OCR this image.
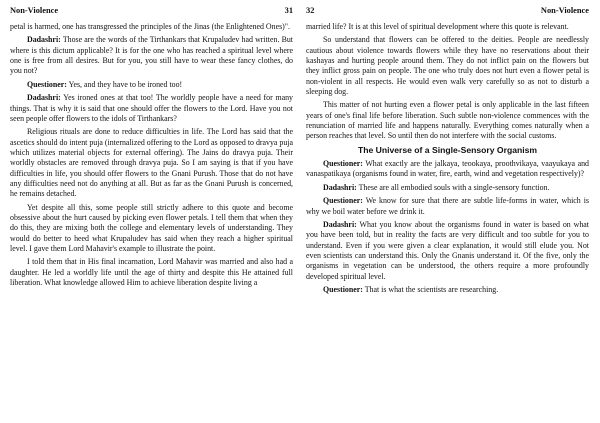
Non-Violence	31

petal is harmed, one has transgressed the principles of the Jinas (the Enlightened Ones)".

Dadashri: Those are the words of the Tirthankars that Krupaludev had written. But where is this dictum applicable? It is for the one who has reached a spiritual level where one is free from all desires. But for you, you still have to wear these fancy clothes, do you not?

Questioner: Yes, and they have to be ironed too!

Dadashri: Yes ironed ones at that too! The worldly people have a need for many things. That is why it is said that one should offer the flowers to the Lord. Have you not seen people offer flowers to the idols of Tirthankars?

Religious rituals are done to reduce difficulties in life. The Lord has said that the ascetics should do intent puja (internalized offering to the Lord as opposed to dravya puja which utilizes material objects for external offering). The Jains do dravya puja. Their worldly obstacles are removed through dravya puja. So I am saying is that if you have difficulties in life, you should offer flowers to the Gnani Purush. Those that do not have any difficulties need not do anything at all. But as far as the Gnani Purush is concerned, he remains detached.

Yet despite all this, some people still strictly adhere to this quote and become obsessive about the hurt caused by picking even flower petals. I tell them that when they do this, they are mixing both the college and elementary levels of understanding. They would do better to heed what Krupaludev has said when they reach a higher spiritual level. I gave them Lord Mahavir's example to illustrate the point.

I told them that in His final incarnation, Lord Mahavir was married and also had a daughter. He led a worldly life until the age of thirty and despite this He attained full liberation. What knowledge allowed Him to achieve liberation despite living a

32	Non-Violence

married life? It is at this level of spiritual development where this quote is relevant.

So understand that flowers can be offered to the deities. People are needlessly cautious about violence towards flowers while they have no reservations about their kashayas and hurting people around them. They do not inflict pain on the flowers but they inflict gross pain on people. The one who truly does not hurt even a flower petal is non-violent in all respects. He would even walk very carefully so as not to disturb a sleeping dog.

This matter of not hurting even a flower petal is only applicable in the last fifteen years of one's final life before liberation. Such subtle non-violence commences with the renunciation of married life and happens naturally. Everything comes naturally when a person reaches that level. So until then do not interfere with the social customs.

The Universe of a Single-Sensory Organism

Questioner: What exactly are the jalkaya, teookaya, proothvikaya, vaayukaya and vanaspatikaya (organisms found in water, fire, earth, wind and vegetation respectively)?

Dadashri: These are all embodied souls with a single-sensory function.

Questioner: We know for sure that there are subtle life-forms in water, which is why we boil water before we drink it.

Dadashri: What you know about the organisms found in water is based on what you have been told, but in reality the facts are very difficult and too subtle for you to understand. Even if you were given a clear explanation, it would still elude you. Not even scientists can understand this. Only the Gnanis understand it. Of the five, only the organisms in vegetation can be understood, the others require a more profoundly developed spiritual level.

Questioner: That is what the scientists are researching.
